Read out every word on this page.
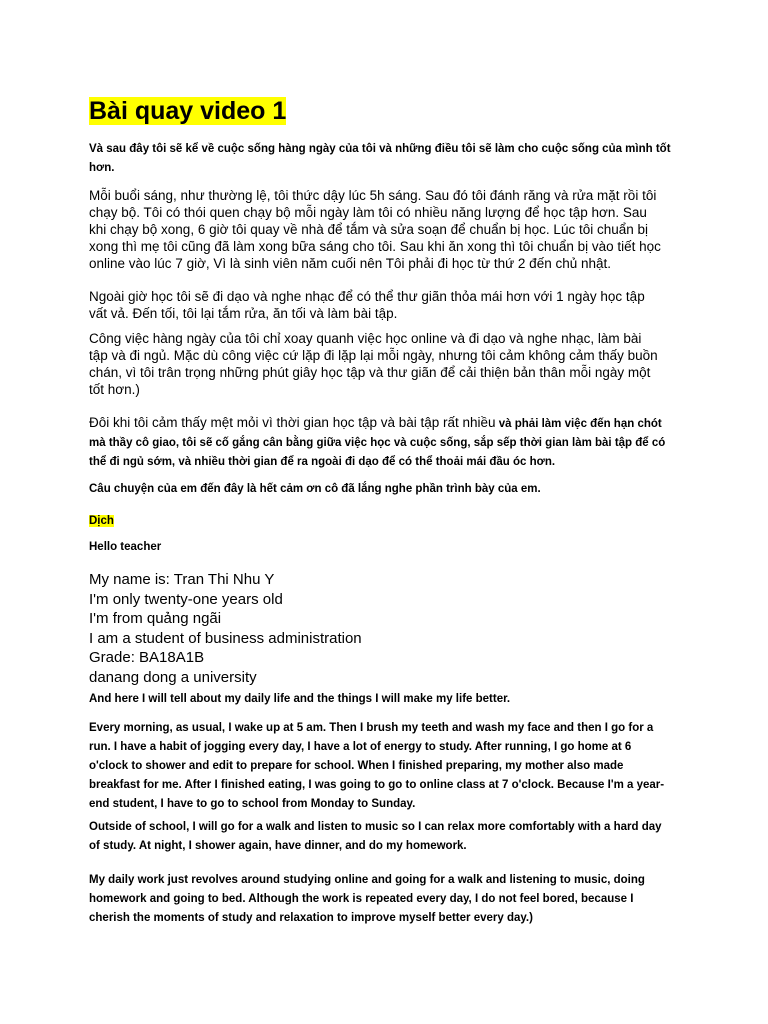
Bài quay video 1

Và sau đây tôi sẽ kể về cuộc sống hàng ngày của tôi và những điều tôi sẽ làm cho cuộc sống của mình tốt
hơn.

Mỗi buổi sáng, như thường lệ, tôi thức dậy lúc 5h sáng. Sau đó tôi đánh răng và rửa mặt rồi tôi
chạy bộ. Tôi có thói quen chạy bộ mỗi ngày làm tôi có nhiều năng lượng để học tập hơn. Sau
khi chạy bộ xong, 6 giờ tôi quay về nhà để tắm và sửa soạn để chuẩn bị học. Lúc tôi chuẩn bị
xong thì mẹ tôi cũng đã làm xong bữa sáng cho tôi. Sau khi ăn xong thì tôi chuẩn bị vào tiết học
online vào lúc 7 giờ, Vì là sinh viên năm cuối nên Tôi phải đi học từ thứ 2 đến chủ nhật.

Ngoài giờ học tôi sẽ đi dạo và nghe nhạc để có thể thư giãn thỏa mái hơn với 1 ngày học tập
vất vả. Đến tối, tôi lại tắm rửa, ăn tối và làm bài tập.

Công việc hàng ngày của tôi chỉ xoay quanh việc học online và đi dạo và nghe nhạc, làm bài
tập và đi ngủ. Mặc dù công việc cứ lặp đi lặp lại mỗi ngày, nhưng tôi cảm không cảm thấy buồn
chán, vì tôi trân trọng những phút giây học tập và thư giãn để cải thiện bản thân mỗi ngày một
tốt hơn.)

Đôi khi tôi cảm thấy mệt mỏi vì thời gian học tập và bài tập rất nhiều và phải làm việc đến hạn chót
mà thầy cô giao, tôi sẽ cố gắng cân bằng giữa việc học và cuộc sống, sắp sếp thời gian làm bài tập để có
thể đi ngủ sớm, và nhiều thời gian để ra ngoài đi dạo để có thể thoải mái đầu óc hơn.

Câu chuyện của em đến đây là hết cảm ơn cô đã lắng nghe phần trình bày của em.

Dịch

Hello teacher

My name is: Tran Thi Nhu Y
I'm only twenty-one years old
I'm from quảng ngãi
I am a student of business administration
Grade: BA18A1B
danang dong a university

And here I will tell about my daily life and the things I will make my life better.

Every morning, as usual, I wake up at 5 am. Then I brush my teeth and wash my face and then I go for a
run. I have a habit of jogging every day, I have a lot of energy to study. After running, I go home at 6
o'clock to shower and edit to prepare for school. When I finished preparing, my mother also made
breakfast for me. After I finished eating, I was going to go to online class at 7 o'clock. Because I'm a year-
end student, I have to go to school from Monday to Sunday.

Outside of school, I will go for a walk and listen to music so I can relax more comfortably with a hard day
of study. At night, I shower again, have dinner, and do my homework.

My daily work just revolves around studying online and going for a walk and listening to music, doing
homework and going to bed. Although the work is repeated every day, I do not feel bored, because I
cherish the moments of study and relaxation to improve myself better every day.)
